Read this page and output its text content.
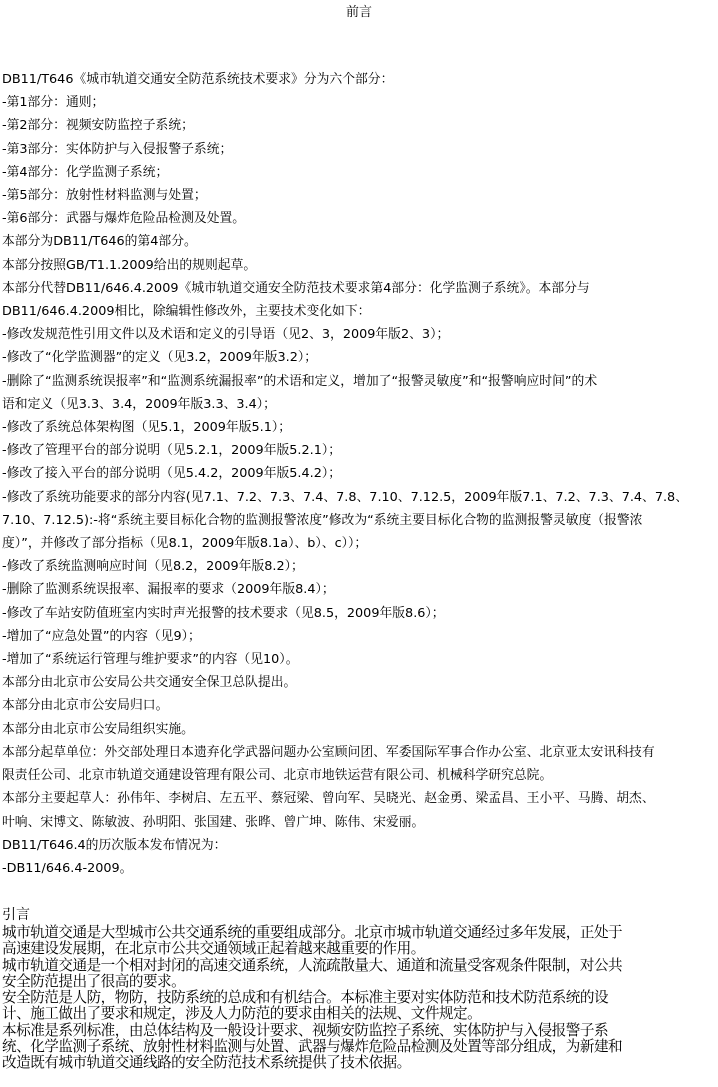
前言

DB11/T646《城市轨道交通安全防范系统技术要求》分为六个部分：

-第1部分：通则；

-第2部分：视频安防监控子系统；

-第3部分：实体防护与入侵报警子系统；

-第4部分：化学监测子系统；

-第5部分：放射性材料监测与处置；

-第6部分：武器与爆炸危险品检测及处置。

本部分为DB11/T646的第4部分。

本部分按照GB/T1.1.2009给出的规则起草。

本部分代替DB11/646.4.2009《城市轨道交通安全防范技术要求第4部分：化学监测子系统》。本部分与
DB11/646.4.2009相比，除编辑性修改外，主要技术变化如下：

-修改发规范性引用文件以及术语和定义的引导语（见2、3，2009年版2、3）；

-修改了“化学监测器”的定义（见3.2，2009年版3.2）；

-删除了“监测系统误报率”和“监测系统漏报率”的术语和定义，增加了“报警灵敏度”和“报警响应时间”的术
语和定义（见3.3、3.4，2009年版3.3、3.4）；

-修改了系统总体架构图（见5.1，2009年版5.1）；

-修改了管理平台的部分说明（见5.2.1，2009年版5.2.1）；

-修改了接入平台的部分说明（见5.4.2，2009年版5.4.2）；

-修改了系统功能要求的部分内容(见7.1、7.2、7.3、7.4、7.8、7.10、7.12.5，2009年版7.1、7.2、7.3、7.4、7.8、
7.10、7.12.5):-将“系统主要目标化合物的监测报警浓度”修改为“系统主要目标化合物的监测报警灵敏度（报警浓
度）”，并修改了部分指标（见8.1，2009年版8.1a）、b）、c））；

-修改了系统监测响应时间（见8.2，2009年版8.2）；

-删除了监测系统误报率、漏报率的要求（2009年版8.4）；

-修改了车站安防值班室内实时声光报警的技术要求（见8.5，2009年版8.6）；

-增加了“应急处置”的内容（见9）；

-增加了“系统运行管理与维护要求”的内容（见10）。

本部分由北京市公安局公共交通安全保卫总队提出。

本部分由北京市公安局归口。

本部分由北京市公安局组织实施。

本部分起草单位：外交部处理日本遗弃化学武器问题办公室顾问团、军委国际军事合作办公室、北京亚太安讯科技有
限责任公司、北京市轨道交通建设管理有限公司、北京市地铁运营有限公司、机械科学研究总院。

本部分主要起草人：孙伟年、李树启、左五平、蔡冠梁、曾向军、吴晓光、赵金勇、梁孟昌、王小平、马腾、胡杰、
叶响、宋博文、陈敏波、孙明阳、张国建、张晔、曾广坤、陈伟、宋爱丽。

DB11/T646.4的历次版本发布情况为：

-DB11/646.4-2009。

引言

城市轨道交通是大型城市公共交通系统的重要组成部分。北京市城市轨道交通经过多年发展，正处于
高速建设发展期，在北京市公共交通领域正起着越来越重要的作用。

城市轨道交通是一个相对封闭的高速交通系统，人流疏散量大、通道和流量受客观条件限制，对公共
安全防范提出了很高的要求。

安全防范是人防，物防，技防系统的总成和有机结合。本标准主要对实体防范和技术防范系统的设
计、施工做出了要求和规定，涉及人力防范的要求由相关的法规、文件规定。

本标准是系列标准，由总体结构及一般设计要求、视频安防监控子系统、实体防护与入侵报警子系
统、化学监测子系统、放射性材料监测与处置、武器与爆炸危险品检测及处置等部分组成，为新建和
改造既有城市轨道交通线路的安全防范技术系统提供了技术依据。
